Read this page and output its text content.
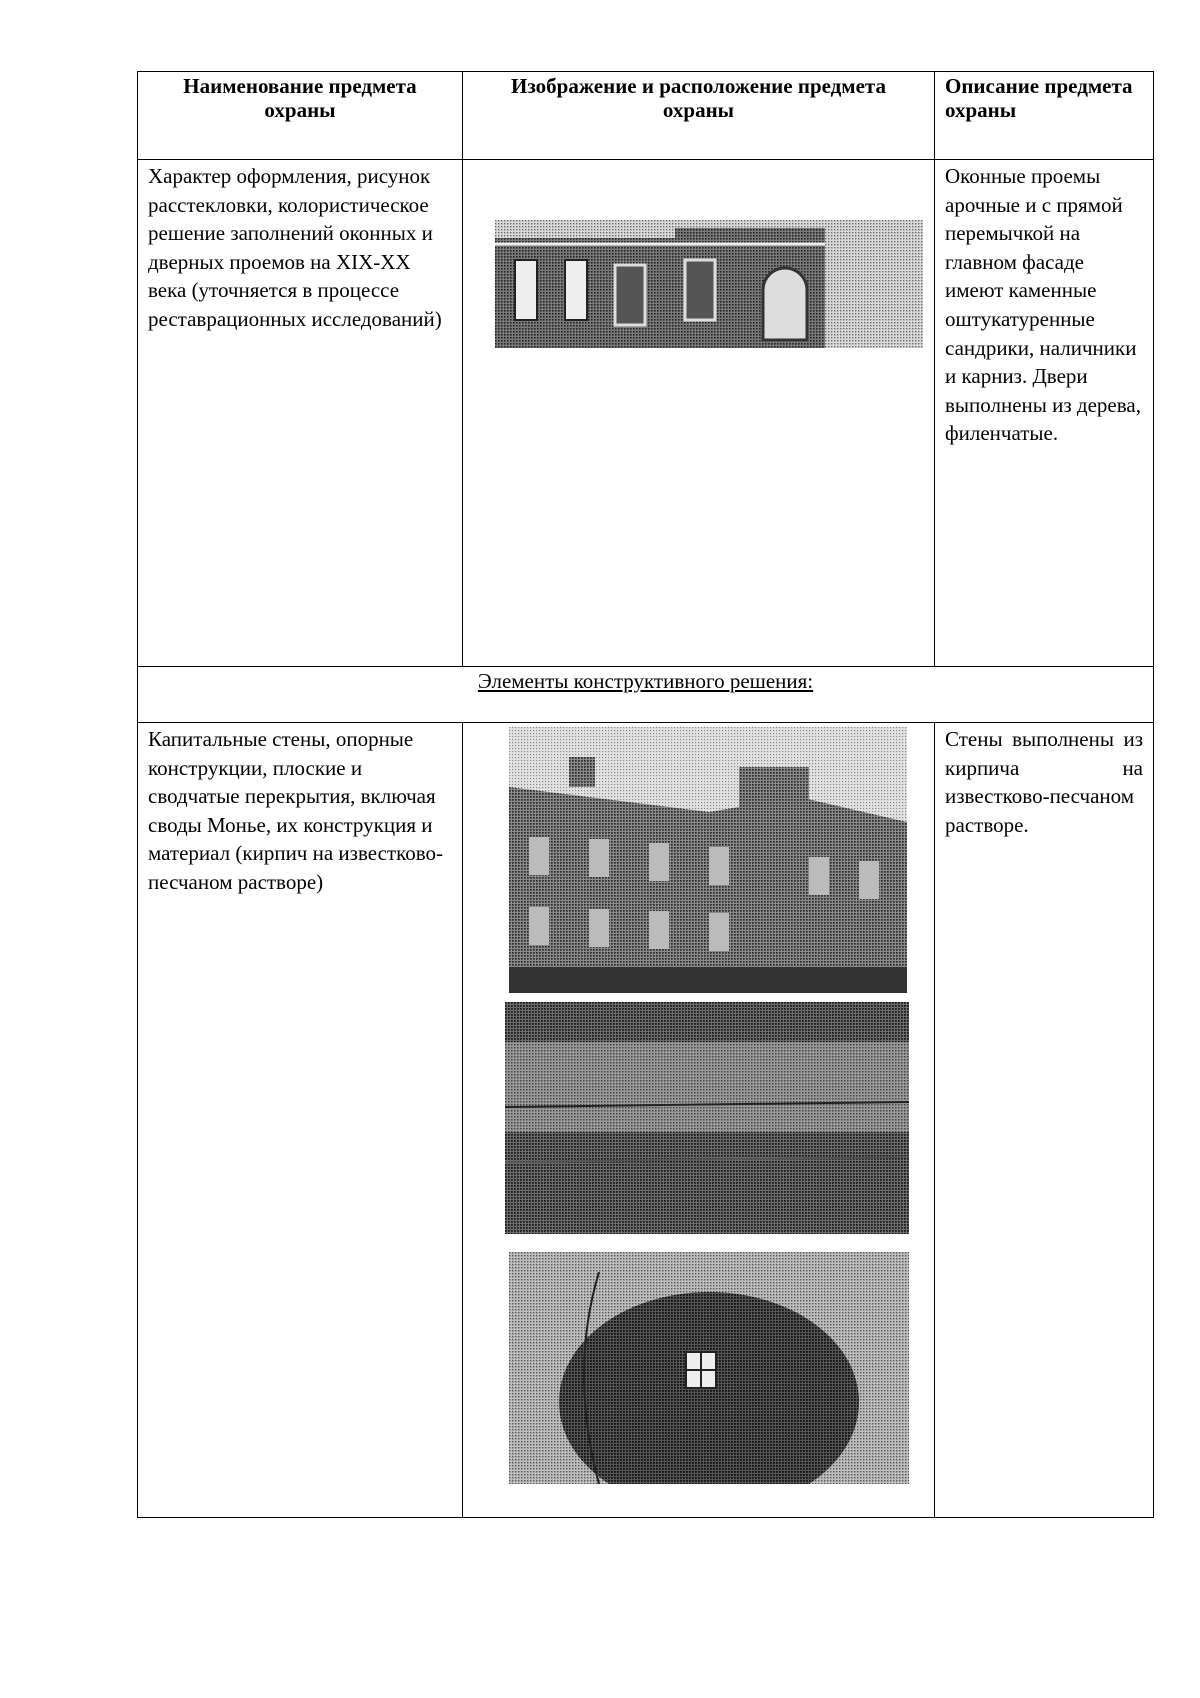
Наименование предмета охраны	Изображение и расположение предмета охраны	Описание предмета охраны
Характер оформления, рисунок расстекловки, колористическое решение заполнений оконных и дверных проемов на XIX-XX века (уточняется в процессе реставрационных исследований)		Оконные проемы арочные и с прямой перемычкой на главном фасаде имеют каменные оштукатуренные сандрики, наличники и карниз. Двери выполнены из дерева, филенчатые.
Элементы конструктивного решения:		
Капитальные стены, опорные конструкции, плоские и сводчатые перекрытия, включая своды Монье, их конструкция и материал (кирпич на известково-песчаном растворе)		Стены выполнены из кирпича на известково-песчаном растворе.
